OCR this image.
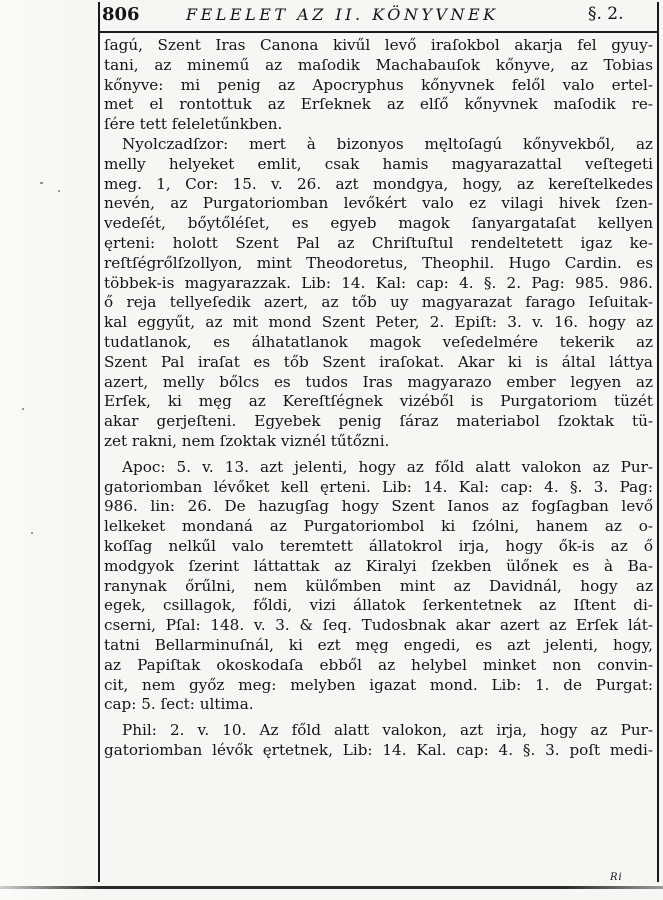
806	FELELET AZ II. KÖNYVNEK	§. 2.
ſagú, Szent Iras Canona kivűl levő iraſokbol akarja fel gyuy-
tani, az minemű az maſodik Machabauſok kőnyve, az Tobias
kőnyve: mi penig az Apocryphus kőnyvnek felől valo ertel-
met el rontottuk az Erſeknek az elſő kőnyvnek maſodik re-
ſére tett feleletűnkben.
Nyolczadſzor: mert à bizonyos męltoſagú kőnyvekből, az
melly helyeket emlit, csak hamis magyarazattal veſtegeti
meg. 1, Cor: 15. v. 26. azt mondgya, hogy, az kereſtelkedes
nevén, az Purgatoriomban levőkért valo ez vilagi hivek ſzen-
vedeſét, bőytőléſet, es egyeb magok ſanyargataſat kellyen
ęrteni: holott Szent Pal az Chriſtuſtul rendeltetett igaz ke-
reſtſégrőlſzollyon, mint Theodoretus, Theophil. Hugo Cardin. es
többek-is magyarazzak. Lib: 14. Kal: cap: 4. §. 2. Pag: 985. 986.
ő reja tellyeſedik azert, az tőb uy magyarazat farago Ieſuitak-
kal eggyűt, az mit mond Szent Peter, 2. Epiſt: 3. v. 16. hogy az
tudatlanok, es álhatatlanok magok veſedelmére tekerik az
Szent Pal iraſat es tőb Szent iraſokat. Akar ki is által láttya
azert, melly bőlcs es tudos Iras magyarazo ember legyen az
Erſek, ki męg az Kereſtſégnek vizéből is Purgatoriom tüzét
akar gerjeſteni. Egyebek penig ſáraz materiabol ſzoktak tü-
zet rakni, nem ſzoktak viznél tűtőzni.
Apoc: 5. v. 13. azt jelenti, hogy az főld alatt valokon az Pur-
gatoriomban lévőket kell ęrteni. Lib: 14. Kal: cap: 4. §. 3. Pag:
986. lin: 26. De hazugſag hogy Szent Ianos az fogſagban levő
lelkeket mondaná az Purgatoriombol ki ſzólni, hanem az o-
koſſag nelkűl valo teremtett állatokrol irja, hogy ők-is az ő
modgyok ſzerint láttattak az Kiralyi ſzekben ülőnek es à Ba-
ranynak őrűlni, nem külőmben mint az Davidnál, hogy az
egek, csillagok, főldi, vizi állatok ſerkentetnek az Iſtent di-
cserni, Pſal: 148. v. 3. & ſeq. Tudosbnak akar azert az Erſek lát-
tatni Bellarminuſnál, ki ezt męg engedi, es azt jelenti, hogy,
az Papiſtak okoskodaſa ebből az helybel minket non convin-
cit, nem győz meg: melyben igazat mond. Lib: 1. de Purgat:
cap: 5. ſect: ultima.
Phil: 2. v. 10. Az főld alatt valokon, azt irja, hogy az Pur-
gatoriomban lévők ęrtetnek, Lib: 14. Kal. cap: 4. §. 3. poſt medi-
Ri
